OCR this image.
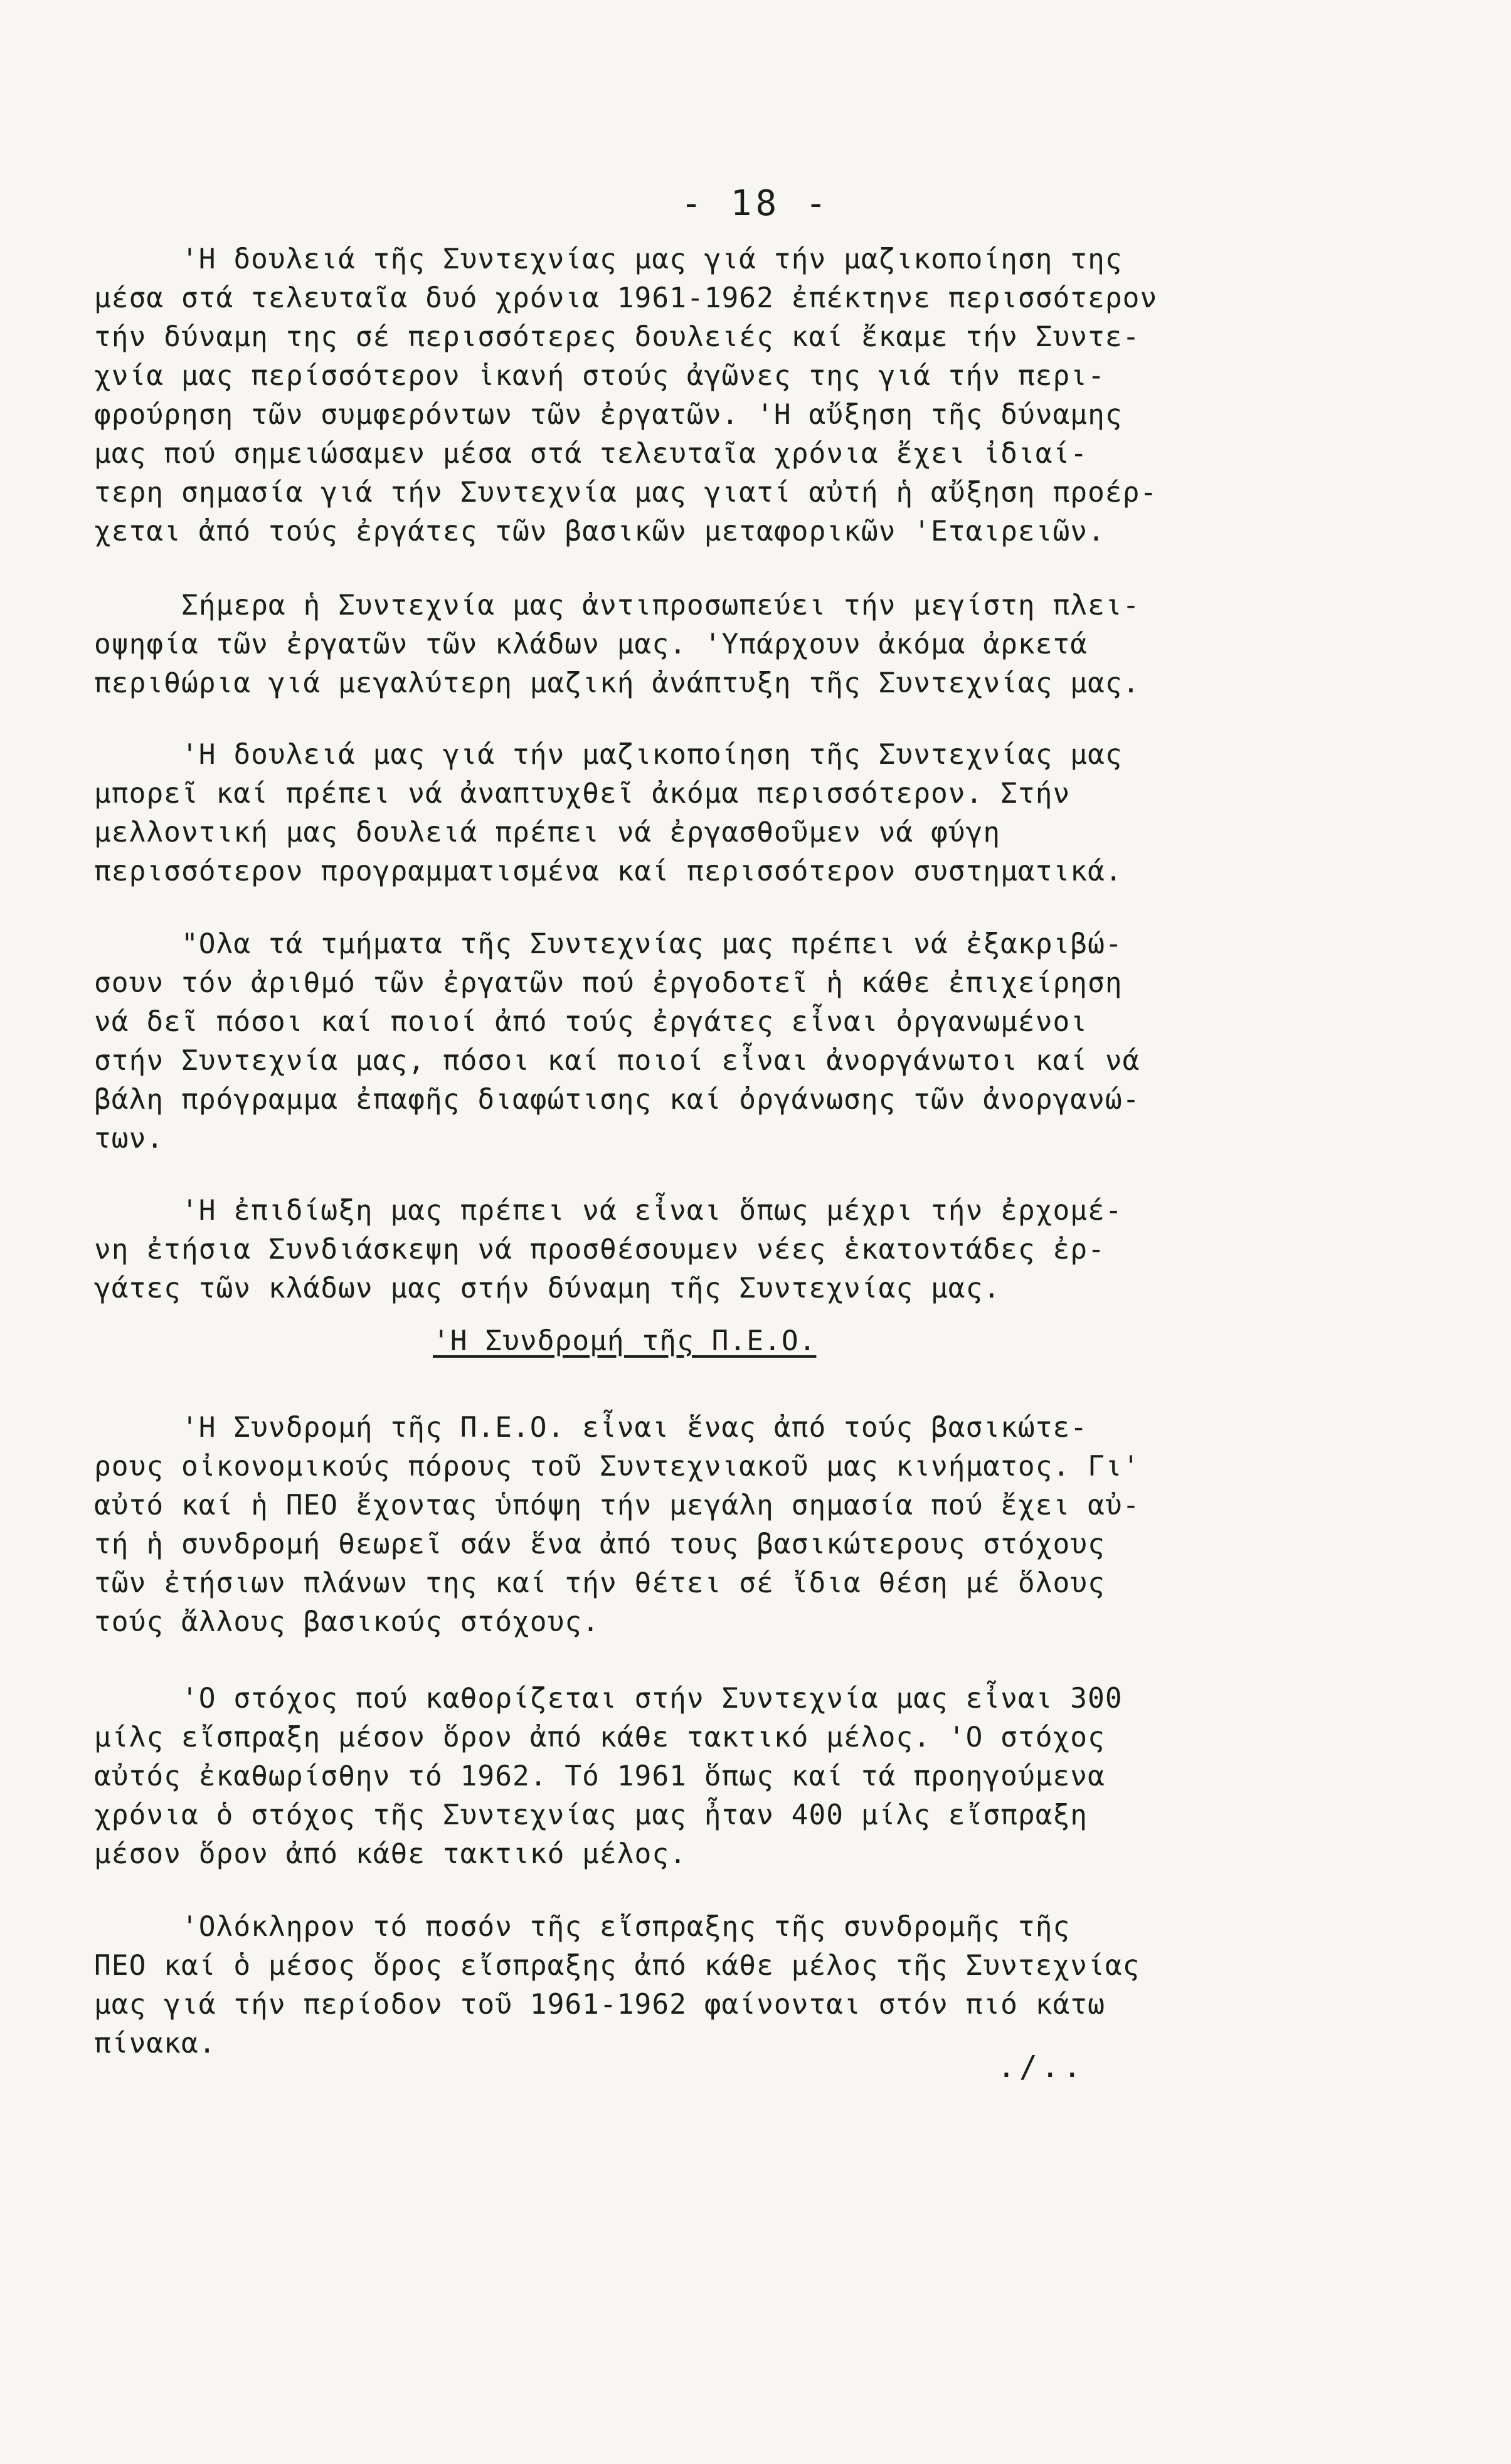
- 18 -
'Η δουλειά τῆς Συντεχνίας μας γιά τήν μαζικοποίηση της
μέσα στά τελευταῖα δυό χρόνια 1961-1962 ἐπέκτηνε περισσότερον
τήν δύναμη της σέ περισσότερες δουλειές καί ἔκαμε τήν Συντε-
χνία μας περίσσότερον ἱκανή στούς ἀγῶνες της γιά τήν περι-
φρούρηση τῶν συμφερόντων τῶν ἐργατῶν. 'Η αὔξηση τῆς δύναμης
μας πού σημειώσαμεν μέσα στά τελευταῖα χρόνια ἔχει ἰδιαί-
τερη σημασία γιά τήν Συντεχνία μας γιατί αὐτή ἡ αὔξηση προέρ-
χεται ἀπό τούς ἐργάτες τῶν βασικῶν μεταφορικῶν 'Εταιρειῶν.
Σήμερα ἡ Συντεχνία μας ἀντιπροσωπεύει τήν μεγίστη πλει-
οψηφία τῶν ἐργατῶν τῶν κλάδων μας. 'Υπάρχουν ἀκόμα ἀρκετά
περιθώρια γιά μεγαλύτερη μαζική ἀνάπτυξη τῆς Συντεχνίας μας.
'Η δουλειά μας γιά τήν μαζικοποίηση τῆς Συντεχνίας μας
μπορεῖ καί πρέπει νά ἀναπτυχθεῖ ἀκόμα περισσότερον. Στήν
μελλοντική μας δουλειά πρέπει νά ἐργασθοῦμεν νά φύγη
περισσότερον προγραμματισμένα καί περισσότερον συστηματικά.
"Ολα τά τμήματα τῆς Συντεχνίας μας πρέπει νά ἐξακριβώ-
σουν τόν ἀριθμό τῶν ἐργατῶν πού ἐργοδοτεῖ ἡ κάθε ἐπιχείρηση
νά δεῖ πόσοι καί ποιοί ἀπό τούς ἐργάτες εἶναι ὀργανωμένοι
στήν Συντεχνία μας, πόσοι καί ποιοί εἶναι ἀνοργάνωτοι καί νά
βάλη πρόγραμμα ἐπαφῆς διαφώτισης καί ὀργάνωσης τῶν ἀνοργανώ-
των.
'Η ἐπιδίωξη μας πρέπει νά εἶναι ὅπως μέχρι τήν ἐρχομέ-
νη ἐτήσια Συνδιάσκεψη νά προσθέσουμεν νέες ἑκατοντάδες ἐρ-
γάτες τῶν κλάδων μας στήν δύναμη τῆς Συντεχνίας μας.
'Η Συνδρομή τῆς Π.Ε.Ο.
'Η Συνδρομή τῆς Π.Ε.Ο. εἶναι ἕνας ἀπό τούς βασικώτε-
ρους οἰκονομικούς πόρους τοῦ Συντεχνιακοῦ μας κινήματος. Γι'
αὐτό καί ἡ ΠΕΟ ἔχοντας ὑπόψη τήν μεγάλη σημασία πού ἔχει αὐ-
τή ἡ συνδρομή θεωρεῖ σάν ἕνα ἀπό τους βασικώτερους στόχους
τῶν ἐτήσιων πλάνων της καί τήν θέτει σέ ἴδια θέση μέ ὅλους
τούς ἄλλους βασικούς στόχους.
'Ο στόχος πού καθορίζεται στήν Συντεχνία μας εἶναι 300
μίλς εἴσπραξη μέσον ὅρον ἀπό κάθε τακτικό μέλος. 'Ο στόχος
αὐτός ἐκαθωρίσθην τό 1962. Τό 1961 ὅπως καί τά προηγούμενα
χρόνια ὁ στόχος τῆς Συντεχνίας μας ἦταν 400 μίλς εἴσπραξη
μέσον ὅρον ἀπό κάθε τακτικό μέλος.
'Ολόκληρον τό ποσόν τῆς εἴσπραξης τῆς συνδρομῆς τῆς
ΠΕΟ καί ὁ μέσος ὅρος εἴσπραξης ἀπό κάθε μέλος τῆς Συντεχνίας
μας γιά τήν περίοδον τοῦ 1961-1962 φαίνονται στόν πιό κάτω
πίνακα.
./..
